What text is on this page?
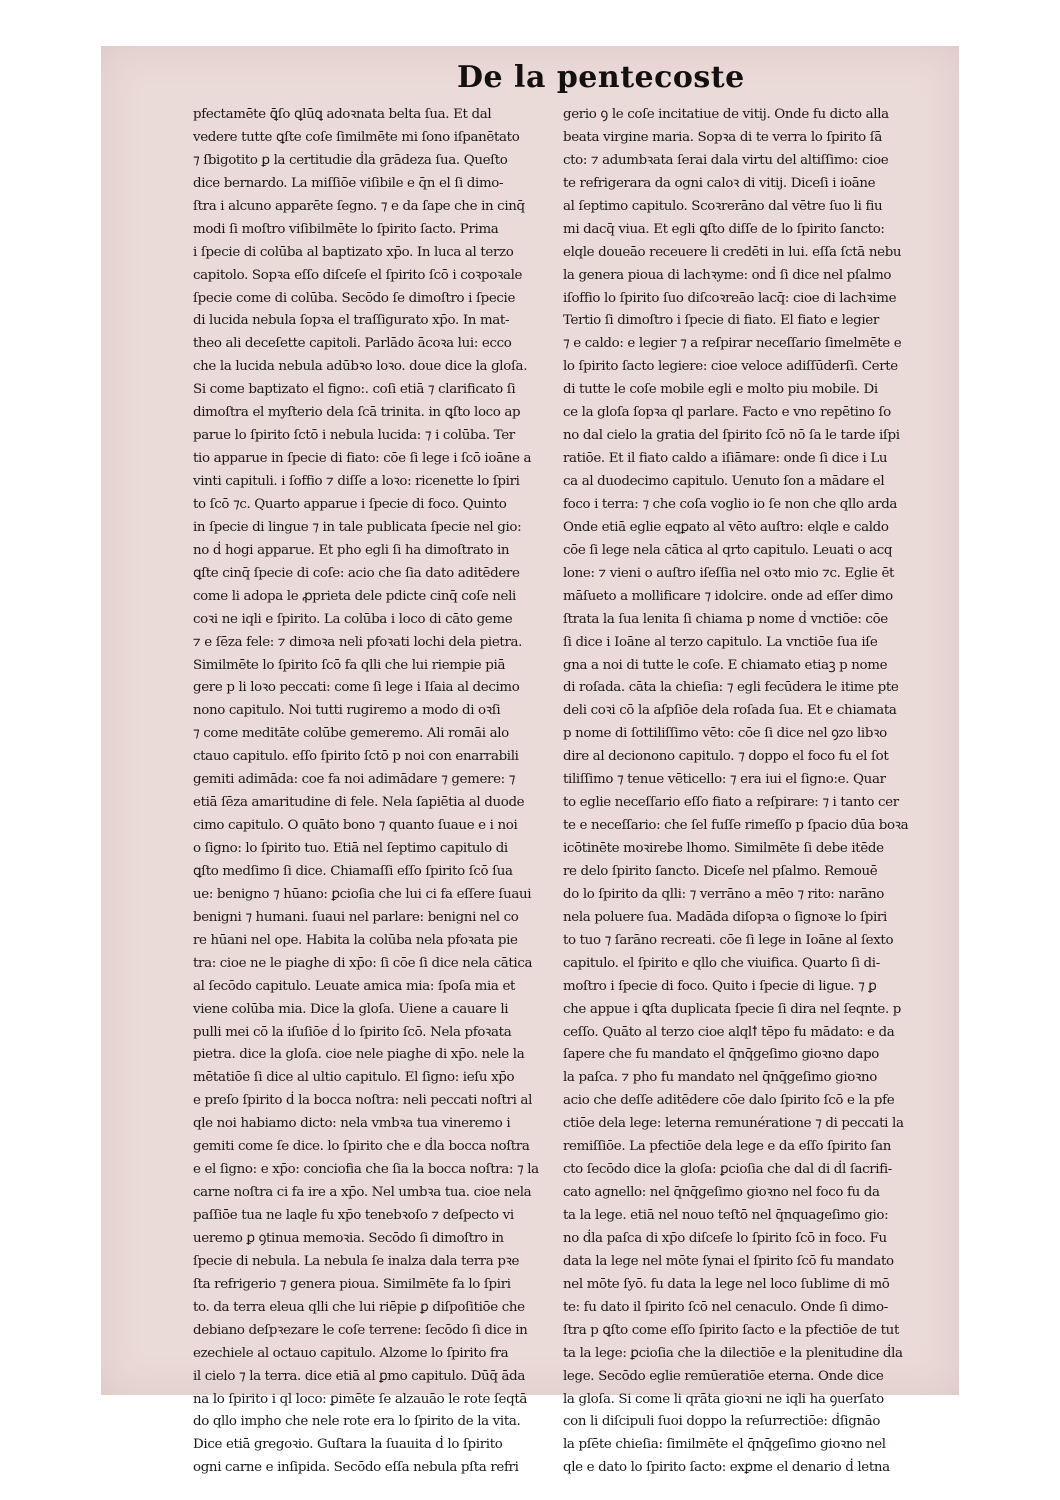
De la pentecoste
pfectamēte ꝗ̄ſo ꝗlūꝗ adoꝛnata belta ſua. Et dal
vedere tutte ꝗſte coſe ſimilmēte mi ſono iſpanētato
⁊ ſbigotito ꝑ la certitudie ḋla grādeza ſua. Queſto
dice bernardo. La miſſiōe viſibile e q̄n el ſi dimo-
ſtra i alcuno apparēte ſegno. ⁊ e da ſape che in cinq̄
modi ſi moſtro viſibilmēte lo ſpirito ſacto. Prima
i ſpecie di colūba al baptizato xp̄o. In luca al terzo
capitolo. Sopꝛa eſſo diſceſe el ſpirito ſcō i coꝛpoꝛale
ſpecie come di colūba. Secōdo ſe dimoſtro i ſpecie
di lucida nebula ſopꝛa el traſſigurato xp̄o. In mat-
theo ali deceſette capitoli. Parlādo ācoꝛa lui: ecco
che la lucida nebula adūbꝛo loꝛo. doue dice la gloſa.
Si come baptizato el figno:. coſi etiā ⁊ clarificato ſi
dimoſtra el myſterio dela ſcā trinita. in ꝗſto loco ap
parue lo ſpirito ſctō i nebula lucida: ⁊ i colūba. Ter
tio apparue in ſpecie di fiato: cōe ſi lege i ſcō ioāne a
vinti capituli. i ſoffio ⁊ diſſe a loꝛo: ricenette lo ſpiri
to ſcō ⁊c. Quarto apparue i ſpecie di foco. Quinto
in ſpecie di lingue ⁊ in tale publicata ſpecie nel gio:
no ḋ hogi apparue. Et pho egli ſi ha dimoſtrato in
ꝗſte cinq̄ ſpecie di coſe: acio che ſia dato aditēdere
come li adopa le ꝓprieta dele pdicte cinq̄ coſe neli
coꝛi ne iqli e ſpirito. La colūba i loco di cāto geme
⁊ e ſēza fele: ⁊ dimoꝛa neli pfoꝛati lochi dela pietra.
Similmēte lo ſpirito ſcō fa qlli che lui riempie piā
gere p li loꝛo peccati: come ſi lege i Iſaia al decimo
nono capitulo. Noi tutti rugiremo a modo di oꝛſi
⁊ come meditāte colūbe gemeremo. Ali romāi alo
ctauo capitulo. eſſo ſpirito ſctō p noi con enarrabili
gemiti adimāda: coe fa noi adimādare ⁊ gemere: ⁊
etiā ſēza amaritudine di fele. Nela ſapiētia al duode
cimo capitulo. O quāto bono ⁊ quanto ſuaue e i noi
o ſigno: lo ſpirito tuo. Etiā nel ſeptimo capitulo di
ꝗſto medſimo ſi dice. Chiamaſſi eſſo ſpirito ſcō ſua
ue: benigno ⁊ hūano: ꝑcioſia che lui ci fa eſſere ſuaui
benigni ⁊ humani. ſuaui nel parlare: benigni nel co
re hūani nel ope. Habita la colūba nela pfoꝛata pie
tra: cioe ne le piaghe di xp̄o: ſi cōe ſi dice nela cātica
al ſecōdo capitulo. Leuate amica mia: ſpoſa mia et
viene colūba mia. Dice la gloſa. Uiene a cauare li
pulli mei cō la iſuſiōe ḋ lo ſpirito ſcō. Nela pfoꝛata
pietra. dice la gloſa. cioe nele piaghe di xp̄o. nele la
mētatiōe ſi dice al ultio capitulo. El ſigno: ieſu xp̄o
e preſo ſpirito ḋ la bocca noſtra: neli peccati noſtri al
qle noi habiamo dicto: nela vmbꝛa tua vineremo i
gemiti come ſe dice. lo ſpirito che e ḋla bocca noſtra
e el ſigno: e xp̄o: conciofia che ſia la bocca noſtra: ⁊ la
carne noſtra ci fa ire a xp̄o. Nel umbꝛa tua. cioe nela
paſſiōe tua ne laqle fu xp̄o tenebꝛoſo ⁊ deſpecto vi
ueremo ꝑ ꝯtinua memoꝛia. Secōdo ſi dimoſtro in
ſpecie di nebula. La nebula ſe inalza dala terra pꝛe
ſta refrigerio ⁊ genera pioua. Similmēte fa lo ſpiri
to. da terra eleua qlli che lui riēpie ꝑ diſpoſitiōe che
debiano deſpꝛezare le coſe terrene: ſecōdo ſi dice in
ezechiele al octauo capitulo. Alzome lo ſpirito fra
il cielo ⁊ la terra. dice etiā al ꝑmo capitulo. Dūq̄ āda
na lo ſpirito i ql loco: ꝑimēte ſe alzauāo le rote ſeqtā
do qllo impho che nele rote era lo ſpirito de la vita.
Dice etiā gregoꝛio. Guſtara la ſuauita ḋ lo ſpirito
ogni carne e inſipida. Secōdo eſſa nebula pſta refri
gerio ꝯ le coſe incitatiue de vitij. Onde fu dicto alla
beata virgine maria. Sopꝛa di te verra lo ſpirito ſā
cto: ⁊ adumbꝛata ſerai dala virtu del altiſſimo: cioe
te refrigerara da ogni caloꝛ di vitij. Diceſi i ioāne
al ſeptimo capitulo. Scoꝛrerāno dal vētre ſuo li fiu
mi dacq̄ viua. Et egli ꝗſto diſſe de lo ſpirito ſancto:
elqle doueāo receuere li credēti in lui. eſſa ſctā nebu
la genera pioua di lachꝛyme: onḋ ſi dice nel pſalmo
iſoffio lo ſpirito ſuo diſcoꝛreāo lacq̄: cioe di lachꝛime
Tertio ſi dimoſtro i ſpecie di fiato. El fiato e legier
⁊ e caldo: e legier ⁊ a reſpirar neceſſario ſimelmēte e
lo ſpirito ſacto legiere: cioe veloce adiſſūderſi. Certe
di tutte le coſe mobile egli e molto piu mobile. Di
ce la gloſa ſopꝛa ql parlare. Facto e vno repētino ſo
no dal cielo la gratia del ſpirito ſcō nō ſa le tarde iſpi
ratiōe. Et il fiato caldo a iſiāmare: onde ſi dice i Lu
ca al duodecimo capitulo. Uenuto ſon a mādare el
foco i terra: ⁊ che coſa voglio io ſe non che qllo arda
Onde etiā eglie eqꝑato al vēto auſtro: elqle e caldo
cōe ſi lege nela cātica al qrto capitulo. Leuati o acq
lone: ⁊ vieni o auſtro iſeſſia nel oꝛto mio ⁊c. Eglie ēt
māſueto a mollificare ⁊ idolcire. onde ad eſſer dimo
ſtrata la ſua lenita ſi chiama p nome ḋ vnctiōe: cōe
ſi dice i Ioāne al terzo capitulo. La vnctiōe ſua iſe
gna a noi di tutte le coſe. E chiamato etiaꝫ p nome
di roſada. cāta la chieſia: ⁊ egli fecūdera le itime pte
deli coꝛi cō la aſpſiōe dela roſada ſua. Et e chiamata
p nome di ſottiliſſimo vēto: cōe ſi dice nel ꝯzo libꝛo
dire al decionono capitulo. ⁊ doppo el foco fu el ſot
tiliſſimo ⁊ tenue vēticello: ⁊ era iui el ſigno:e. Quar
to eglie neceſſario eſſo fiato a reſpirare: ⁊ i tanto cer
te e neceſſario: che ſel fuſſe rimeſſo p ſpacio dūa boꝛa
icōtinēte moꝛirebe lhomo. Similmēte ſi debe itēde
re delo ſpirito ſancto. Diceſe nel pſalmo. Remouē
do lo ſpirito da qlli: ⁊ verrāno a mēo ⁊ rito: narāno
nela poluere ſua. Madāda diſopꝛa o ſignoꝛe lo ſpiri
to tuo ⁊ ſarāno recreati. cōe ſi lege in Ioāne al ſexto
capitulo. el ſpirito e qllo che viuifica. Quarto ſi di-
moſtro i ſpecie di foco. Quito i ſpecie di ligue. ⁊ ꝑ
che appue i ꝗſta duplicata ſpecie ſi dira nel ſeqnte. p
ceſſo. Quāto al terzo cioe alqlꝉ tēpo fu mādato: e da
ſapere che fu mandato el q̄nq̄geſimo gioꝛno dapo
la paſca. ⁊ pho fu mandato nel q̄nq̄geſimo gioꝛno
acio che deſſe aditēdere cōe dalo ſpirito ſcō e la pfe
ctiōe dela lege: leterna remunératione ⁊ di peccati la
remiſſiōe. La pfectiōe dela lege e da eſſo ſpirito ſan
cto ſecōdo dice la gloſa: ꝑcioſia che dal di ḋl ſacrifi-
cato agnello: nel q̄nq̄geſimo gioꝛno nel foco fu da
ta la lege. etiā nel nouo teſtō nel q̄nquageſimo gio:
no ḋla paſca di xp̄o diſceſe lo ſpirito ſcō in foco. Fu
data la lege nel mōte ſynai el ſpirito ſcō fu mandato
nel mōte ſyō. fu data la lege nel loco ſublime di mō
te: fu dato il ſpirito ſcō nel cenaculo. Onde ſi dimo-
ſtra p ꝗſto come eſſo ſpirito ſacto e la pfectiōe de tut
ta la lege: ꝑcioſia che la dilectiōe e la plenitudine ḋla
lege. Secōdo eglie remūeratiōe eterna. Onde dice
la gloſa. Si come li qrāta gioꝛni ne iqli ha ꝯuerſato
con li diſcipuli ſuoi doppo la reſurrectiōe: ḋſignāo
la pſēte chieſia: ſimilmēte el q̄nq̄geſimo gioꝛno nel
qle e dato lo ſpirito ſacto: exꝑme el denario ḋ letna
